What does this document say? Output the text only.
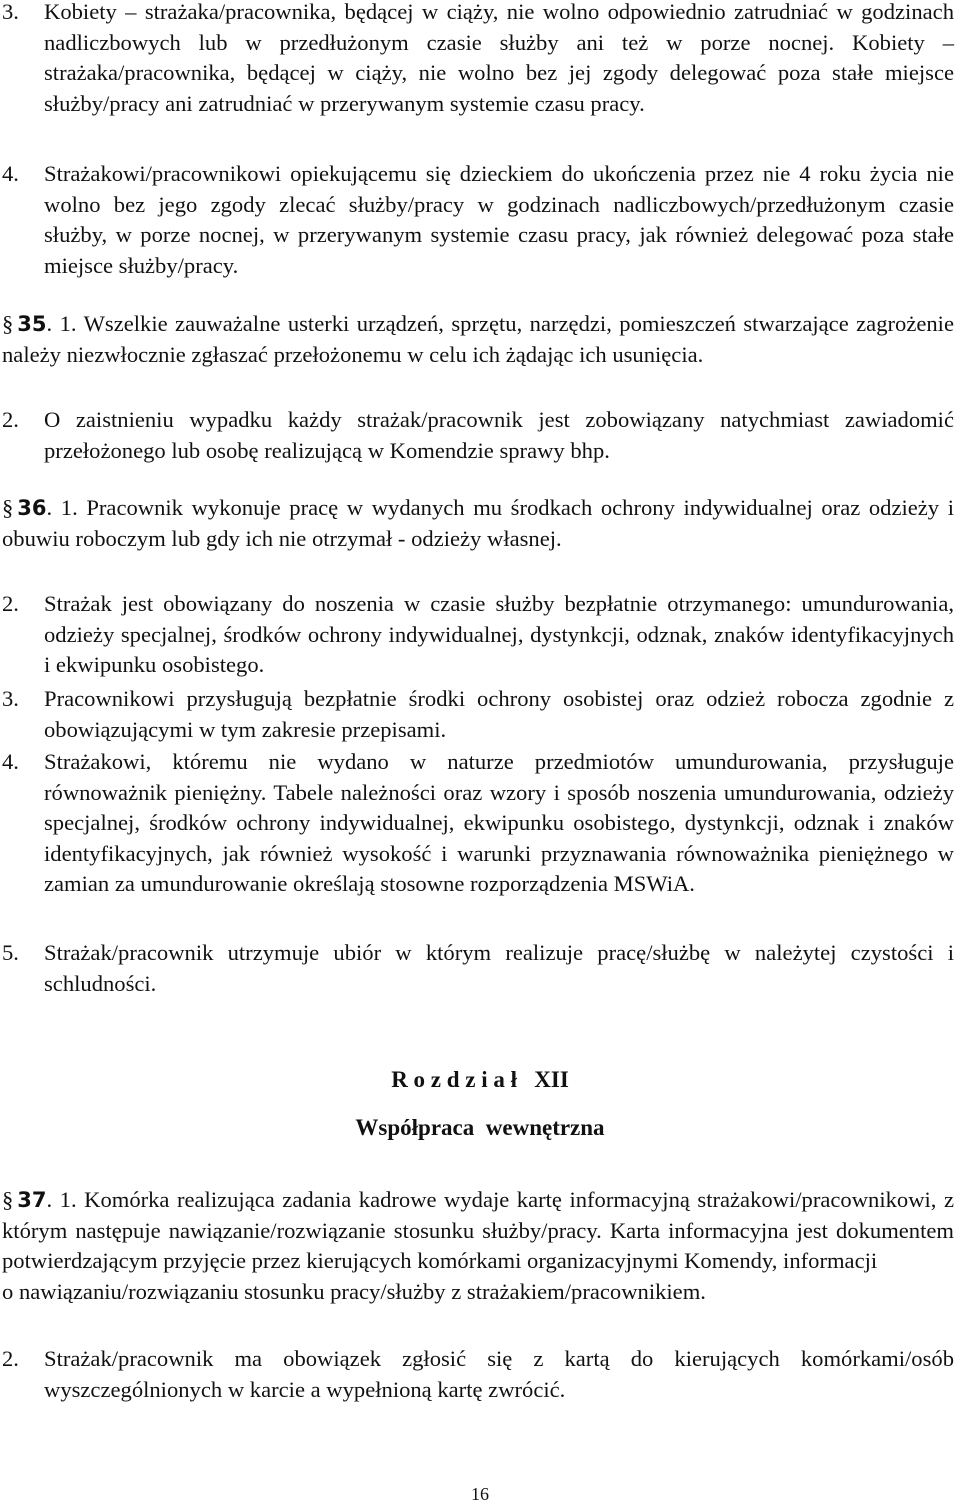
3. Kobiety – strażaka/pracownika, będącej w ciąży, nie wolno odpowiednio zatrudniać w godzinach nadliczbowych lub w przedłużonym czasie służby ani też w porze nocnej. Kobiety – strażaka/pracownika, będącej w ciąży, nie wolno bez jej zgody delegować poza stałe miejsce służby/pracy ani zatrudniać w przerywanym systemie czasu pracy.
4. Strażakowi/pracownikowi opiekującemu się dzieckiem do ukończenia przez nie 4 roku życia nie wolno bez jego zgody zlecać służby/pracy w godzinach nadliczbowych/przedłużonym czasie służby, w porze nocnej, w przerywanym systemie czasu pracy, jak również delegować poza stałe miejsce służby/pracy.
§ 35. 1. Wszelkie zauważalne usterki urządzeń, sprzętu, narzędzi, pomieszczeń stwarzające zagrożenie należy niezwłocznie zgłaszać przełożonemu w celu ich żądając ich usunięcia.
2. O zaistnieniu wypadku każdy strażak/pracownik jest zobowiązany natychmiast zawiadomić przełożonego lub osobę realizującą w Komendzie sprawy bhp.
§ 36. 1. Pracownik wykonuje pracę w wydanych mu środkach ochrony indywidualnej oraz odzieży i obuwiu roboczym lub gdy ich nie otrzymał - odzieży własnej.
2. Strażak jest obowiązany do noszenia w czasie służby bezpłatnie otrzymanego: umundurowania, odzieży specjalnej, środków ochrony indywidualnej, dystynkcji, odznak, znaków identyfikacyjnych i ekwipunku osobistego.
3. Pracownikowi przysługują bezpłatnie środki ochrony osobistej oraz odzież robocza zgodnie z obowiązującymi w tym zakresie przepisami.
4. Strażakowi, któremu nie wydano w naturze przedmiotów umundurowania, przysługuje równoważnik pieniężny. Tabele należności oraz wzory i sposób noszenia umundurowania, odzieży specjalnej, środków ochrony indywidualnej, ekwipunku osobistego, dystynkcji, odznak i znaków identyfikacyjnych, jak również wysokość i warunki przyznawania równoważnika pieniężnego w zamian za umundurowanie określają stosowne rozporządzenia MSWiA.
5. Strażak/pracownik utrzymuje ubiór w którym realizuje pracę/służbę w należytej czystości i schludności.
R o z d z i a ł   XII
Współpraca  wewnętrzna
§ 37. 1. Komórka realizująca zadania kadrowe wydaje kartę informacyjną strażakowi/pracownikowi, z którym następuje nawiązanie/rozwiązanie stosunku służby/pracy. Karta informacyjna jest dokumentem potwierdzającym przyjęcie przez kierujących komórkami organizacyjnymi Komendy, informacji
o nawiązaniu/rozwiązaniu stosunku pracy/służby z strażakiem/pracownikiem.
2. Strażak/pracownik ma obowiązek zgłosić się z kartą do kierujących komórkami/osób wyszczególnionych w karcie a wypełnioną kartę zwrócić.
16
